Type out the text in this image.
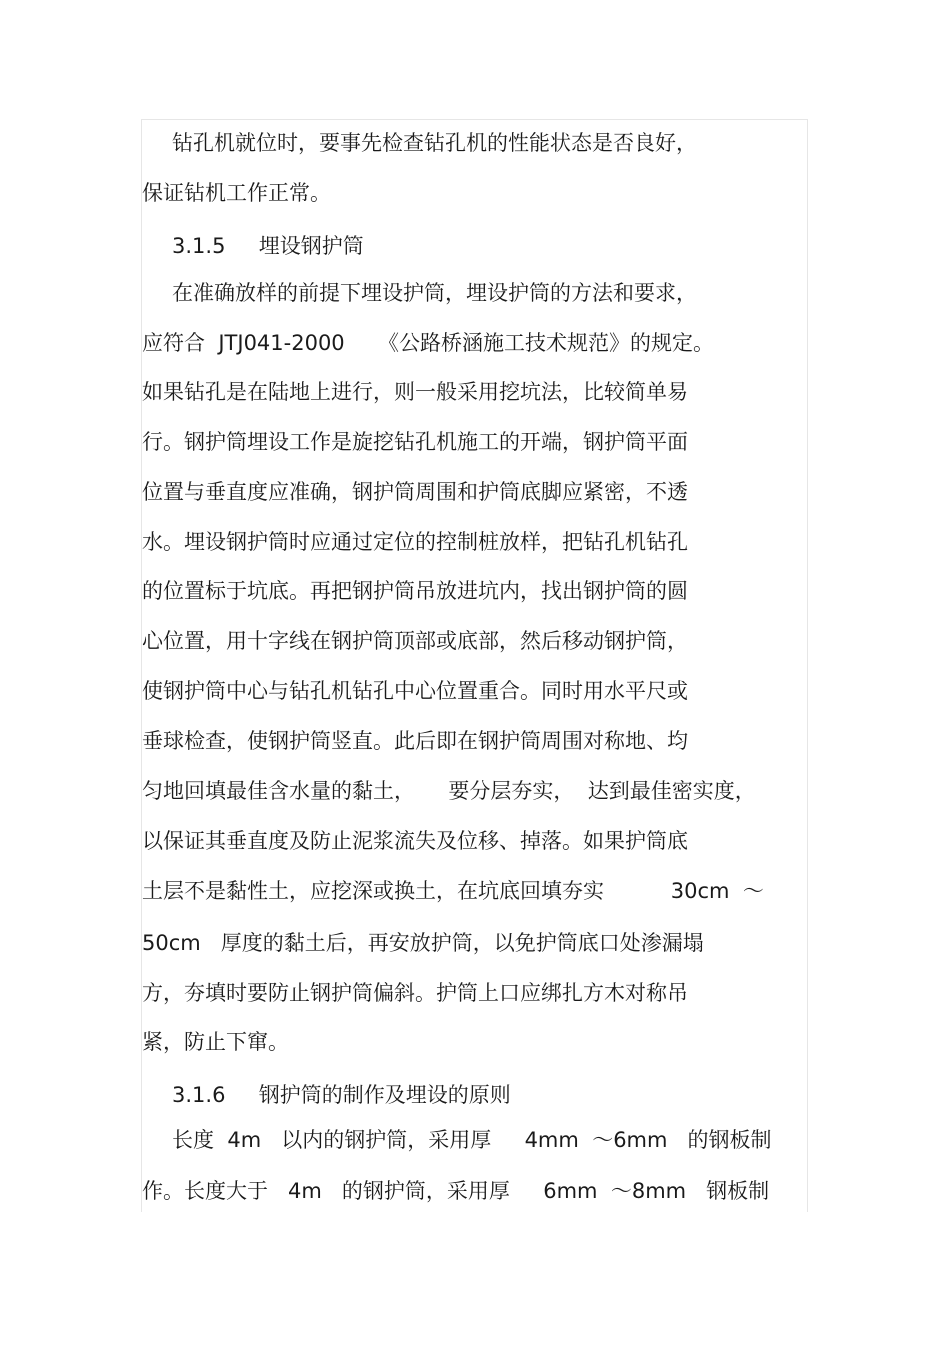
钻孔机就位时，要事先检查钻孔机的性能状态是否良好，
保证钻机工作正常。
3.1.5     埋设钢护筒
在准确放样的前提下埋设护筒，埋设护筒的方法和要求，
应符合  JTJ041-2000     《公路桥涵施工技术规范》的规定。
如果钻孔是在陆地上进行，则一般采用挖坑法，比较简单易
行。钢护筒埋设工作是旋挖钻孔机施工的开端，钢护筒平面
位置与垂直度应准确，钢护筒周围和护筒底脚应紧密，不透
水。埋设钢护筒时应通过定位的控制桩放样，把钻孔机钻孔
的位置标于坑底。再把钢护筒吊放进坑内，找出钢护筒的圆
心位置，用十字线在钢护筒顶部或底部，然后移动钢护筒，
使钢护筒中心与钻孔机钻孔中心位置重合。同时用水平尺或
垂球检查，使钢护筒竖直。此后即在钢护筒周围对称地、均
匀地回填最佳含水量的黏土，     要分层夯实，  达到最佳密实度，
以保证其垂直度及防止泥浆流失及位移、掉落。如果护筒底
土层不是黏性土，应挖深或换土，在坑底回填夯实          30cm  ～
50cm   厚度的黏土后，再安放护筒，以免护筒底口处渗漏塌
方，夯填时要防止钢护筒偏斜。护筒上口应绑扎方木对称吊
紧，防止下窜。
3.1.6     钢护筒的制作及埋设的原则
长度  4m   以内的钢护筒，采用厚     4mm  ～6mm   的钢板制
作。长度大于   4m   的钢护筒，采用厚     6mm  ～8mm   钢板制
